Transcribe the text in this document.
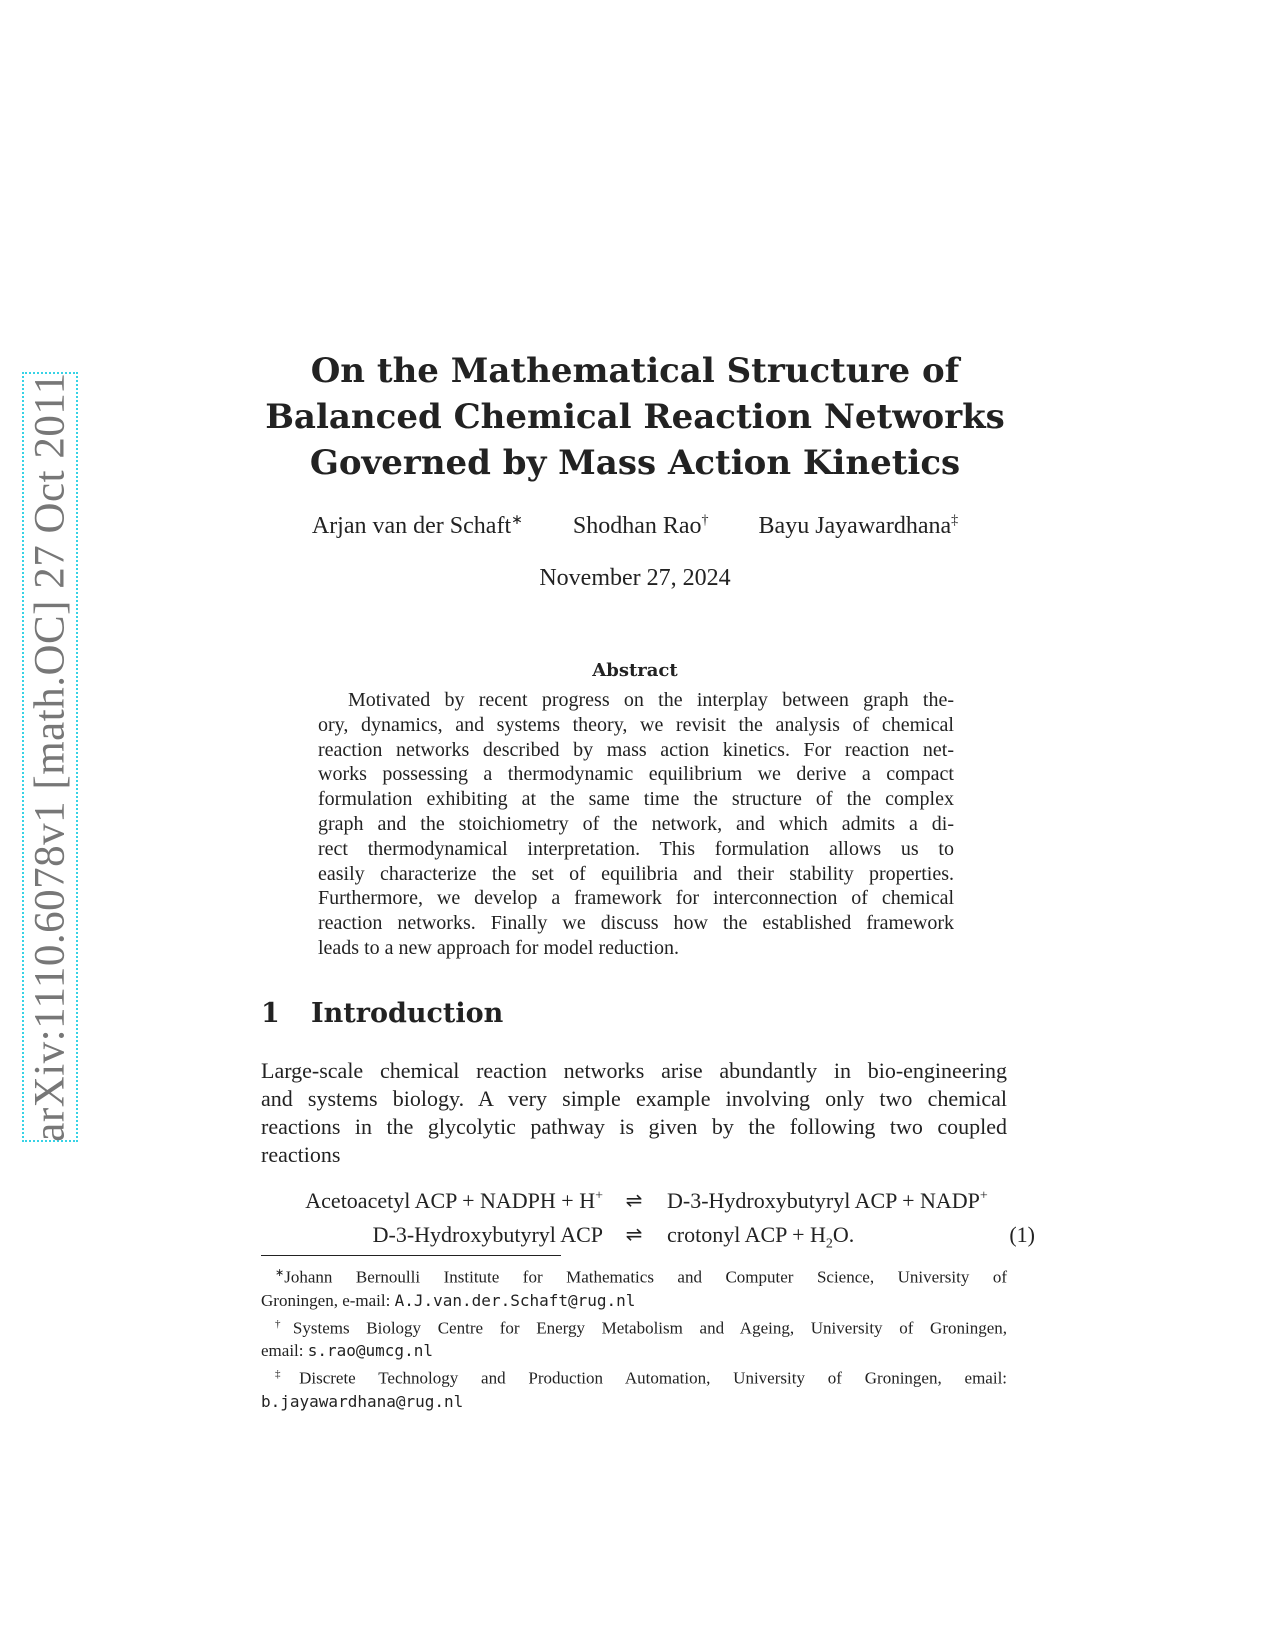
arXiv:1110.6078v1 [math.OC] 27 Oct 2011
On the Mathematical Structure of
Balanced Chemical Reaction Networks
Governed by Mass Action Kinetics
Arjan van der Schaft∗ Shodhan Rao† Bayu Jayawardhana‡
November 27, 2024
Abstract
Motivated by recent progress on the interplay between graph the-
ory, dynamics, and systems theory, we revisit the analysis of chemical
reaction networks described by mass action kinetics. For reaction net-
works possessing a thermodynamic equilibrium we derive a compact
formulation exhibiting at the same time the structure of the complex
graph and the stoichiometry of the network, and which admits a di-
rect thermodynamical interpretation. This formulation allows us to
easily characterize the set of equilibria and their stability properties.
Furthermore, we develop a framework for interconnection of chemical
reaction networks. Finally we discuss how the established framework
leads to a new approach for model reduction.
1 Introduction
Large-scale chemical reaction networks arise abundantly in bio-engineering
and systems biology. A very simple example involving only two chemical
reactions in the glycolytic pathway is given by the following two coupled
reactions
Acetoacetyl ACP + NADPH + H+	⇌	D-3-Hydroxybutyryl ACP + NADP+
D-3-Hydroxybutyryl ACP	⇌	crotonyl ACP + $H_2O$.	(1)
∗Johann Bernoulli Institute for Mathematics and Computer Science, University of
Groningen, e-mail: A.J.van.der.Schaft@rug.nl
†Systems Biology Centre for Energy Metabolism and Ageing, University of Groningen,
email: s.rao@umcg.nl
‡Discrete Technology and Production Automation, University of Groningen, email:
b.jayawardhana@rug.nl
